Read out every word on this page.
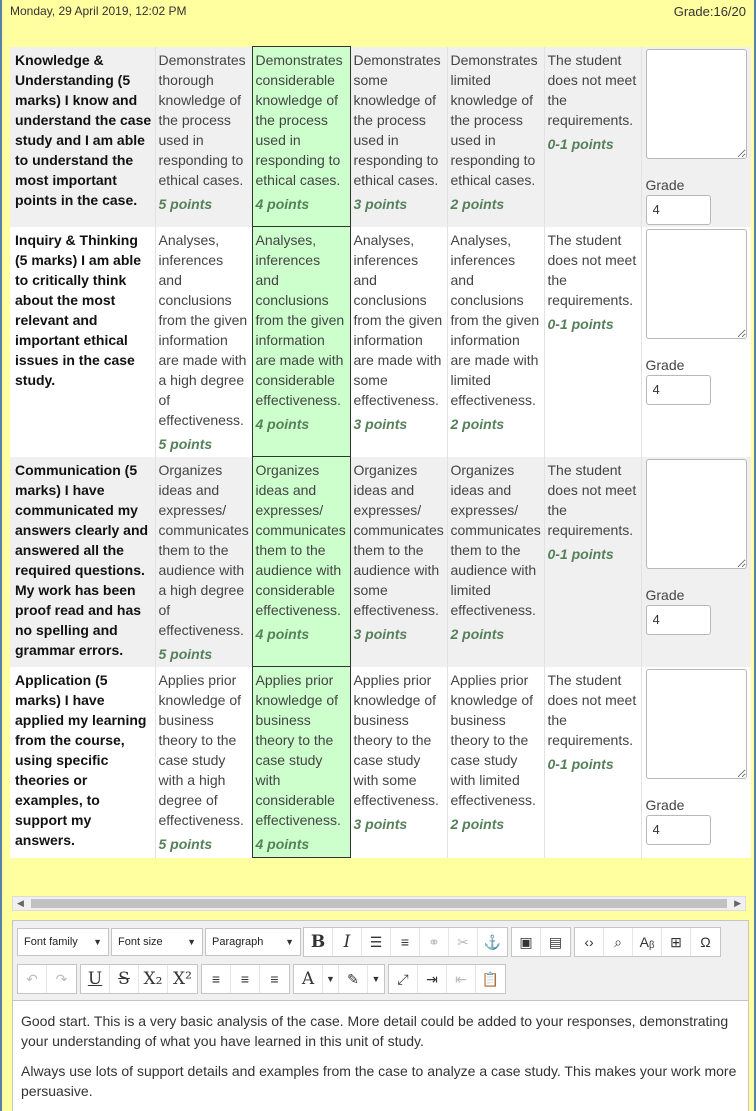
Monday, 29 April 2019, 12:02 PM	Grade:16/20
Knowledge & Understanding (5 marks) I know and understand the case study and I am able to understand the most important points in the case.	Demonstrates thorough knowledge of the process used in responding to ethical cases.
5 points	Demonstrates considerable knowledge of the process used in responding to ethical cases.
4 points	Demonstrates some knowledge of the process used in responding to ethical cases.
3 points	Demonstrates limited knowledge of the process used in responding to ethical cases.
2 points	The student does not meet the requirements.
0-1 points	Grade
4
Inquiry & Thinking (5 marks) I am able to critically think about the most relevant and important ethical issues in the case study.	Analyses, inferences and conclusions from the given information are made with a high degree of effectiveness.
5 points	Analyses, inferences and conclusions from the given information are made with considerable effectiveness.
4 points	Analyses, inferences and conclusions from the given information are made with some effectiveness.
3 points	Analyses, inferences and conclusions from the given information are made with limited effectiveness.
2 points	The student does not meet the requirements.
0-1 points	Grade
4
Communication (5 marks) I have communicated my answers clearly and answered all the required questions. My work has been proof read and has no spelling and grammar errors.	Organizes ideas and expresses/ communicates them to the audience with a high degree of effectiveness.
5 points	Organizes ideas and expresses/ communicates them to the audience with considerable effectiveness.
4 points	Organizes ideas and expresses/ communicates them to the audience with some effectiveness.
3 points	Organizes ideas and expresses/ communicates them to the audience with limited effectiveness.
2 points	The student does not meet the requirements.
0-1 points	Grade
4
Application (5 marks) I have applied my learning from the course, using specific theories or examples, to support my answers.	Applies prior knowledge of business theory to the case study with a high degree of effectiveness.
5 points	Applies prior knowledge of business theory to the case study with considerable effectiveness.
4 points	Applies prior knowledge of business theory to the case study with some effectiveness.
3 points	Applies prior knowledge of business theory to the case study with limited effectiveness.
2 points	The student does not meet the requirements.
0-1 points	Grade
4
◀	▶
Font family ▼ Font size	▼ Paragraph ▼ B	I	☰	≡	⚭	✂	⚓	▣	▤	‹›	⌕	Aᵦ	⊞	Ω
↶	↷	U S X₂ X²	≡	≡	≡	A	▼ ✎	▼	⤢	⇥	⇤	📋

Good start. This is a very basic analysis of the case. More detail could be added to your responses, demonstrating your understanding of what you have learned in this unit of study.

Always use lots of support details and examples from the case to analyze a case study. This makes your work more persuasive.
